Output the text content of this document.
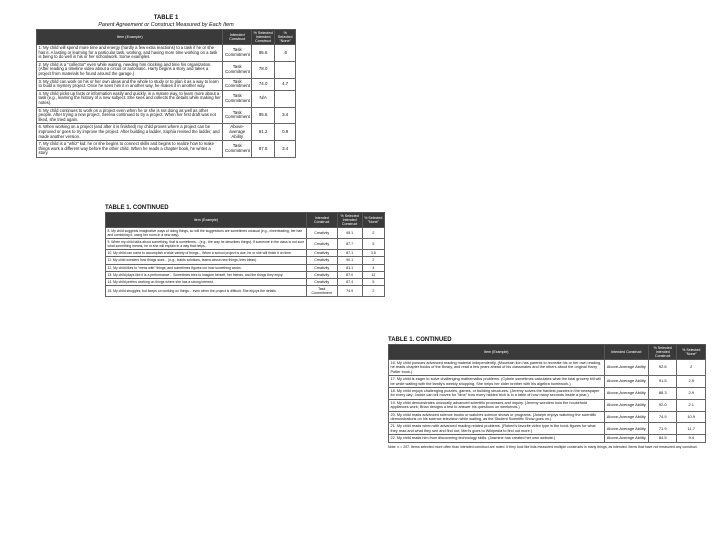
TABLE 1
Parent Agreement or Construct Measured by Each Item
Item (Example)	Intended Construct	% Selected Intended Construct	% Selected "None"
1. My child will spend more time and energy (hardly a few extra reactions) to a task if he or she has it. A lasting or learning for a particular task, working, and having more time working on a task is being to do well in his or her schoolwork. Some examples.	Task Commitment	95.6	.6
2. My child is a "collector" even while waiting, needing him clocking and time his organization. (After reading a timeline video about a circus or automatic. Harry begins a story and takes a project from materials he found around the garage.)	Task Commitment	78.0	
3. My child can work on his or her own ideas and the whole to study or to plan it as a way to learn to build a mystery project. Once he sees him it in another way, he makes it in another way.	Task Commitment	74.0	4.7
4. My child picks up facts or information easily and quickly, in a mature way, to learn more about a task (e.g., learning the history of a new subject. She sees and collects the details while making her notes).	Task Commitment	N/A	
5. My child continues to work on a project even when he or she is not doing as well as other people. After trying a new project, Serena continued to try a project. When her first draft was not liked, she tried again.	Task Commitment	95.6	3.4
6. When working on a project (and after it is finished) my child proves where a project can be improved or goes to try improve the project. After building a ladder, Sophia revised the ladder, and made another version.	Above-average Ability	91.2	0.9
7. My child is a "whiz" kid: he or she begins to connect skills and begins to realize how to make things work a different way before the other child. When he reads a chapter book, he writes a story.	Task Commitment	87.5	3.4
TABLE 1. CONTINUED
Item (Example)	Intended Construct	% Selected Intended Construct	% Selected "None"
8. My child suggests imaginative ways of doing things, so will the suggestions are sometimes unusual (e.g., cheerleading, her hair and combining it, using her room in a new way).	Creativity	95.1	2
9. When my child talks about something, that is sometimes... (e.g., the way he describes things). If someone in the class is not sure what something means, he or she will explain in a way that helps.	Creativity	87.7	5
10. My child can come to accomplish a wide variety of things... When a school project is due, he or she will finish it on time.	Creativity	87.1	3.5
11. My child wonders how things work... (e.g., builds solutions, learns about new things, tries ideas).	Creativity	90.1	2
12. My child likes to "mess with" things, and sometimes figures out how something works.	Creativity	81.1	4
13. My child plays like it is a performance... Sometimes tries to imagine herself, her friends, and the things they enjoy.	Creativity	87.0	12
14. My child prefers working on things where she has a strong interest.	Creativity	87.4	5
15. My child struggles, but keeps on working on things... even when the project is difficult. She enjoys the details.	Task Commitment	74.9	2
TABLE 1. CONTINUED
Item (Example)	Intended Construct	% Selected Intended Construct	% Selected "None"
16. My child pursues advanced reading material independently. (Mountain lion has parents to recreate his or her own reading, he reads chapter books of the library, and read a few years ahead of his classmates and the others about the original Harry Potter book.)	Above-Average Ability	92.6	2
17. My child is eager to solve challenging mathematics problems. (Cybele sometimes calculates what the total grocery bill will be while waiting with the family's weekly shopping. She helps her older brother with his algebra homework.)	Above-Average Ability	91.5	2.9
18. My child enjoys challenging puzzles, games, or building structures. (Jeremy solves the hardest puzzles in the newspaper for every day; Jackie can tell moves for "time" how every hidden trick is in a table of how many seconds inside a year.)	Above-Average Ability	88.3	2.9
19. My child demonstrates unusually advanced scientific processes and inquiry. (Jeremy wonders how the household appliances work; Brian designs a test to answer his questions on weekends.)	Above-Average Ability	92.0	2.1
20. My child reads advanced science books or watches science shows or programs. (Joseph enjoys watching the scientific demonstrations on his science television while waiting, as the Student Scientific Show goes on.)	Above-Average Ability	74.9	10.9
21. My child reads when with advanced reading related problems. (Robert's favorite video type is the book figures for what they read and what they see and find out; Meri's goes to Wikipedia to find out more.)	Above-Average Ability	71.9	11.7
22. My child reads him from discovering technology skills. (Jasmine has created her own website.)	Above-Average Ability	84.5	9.4
Note: n = 207. Items selected more often than intended construct are noted. If they look like lists measured multiple constructs in many things, as intended. Items that have not measured any construct.
